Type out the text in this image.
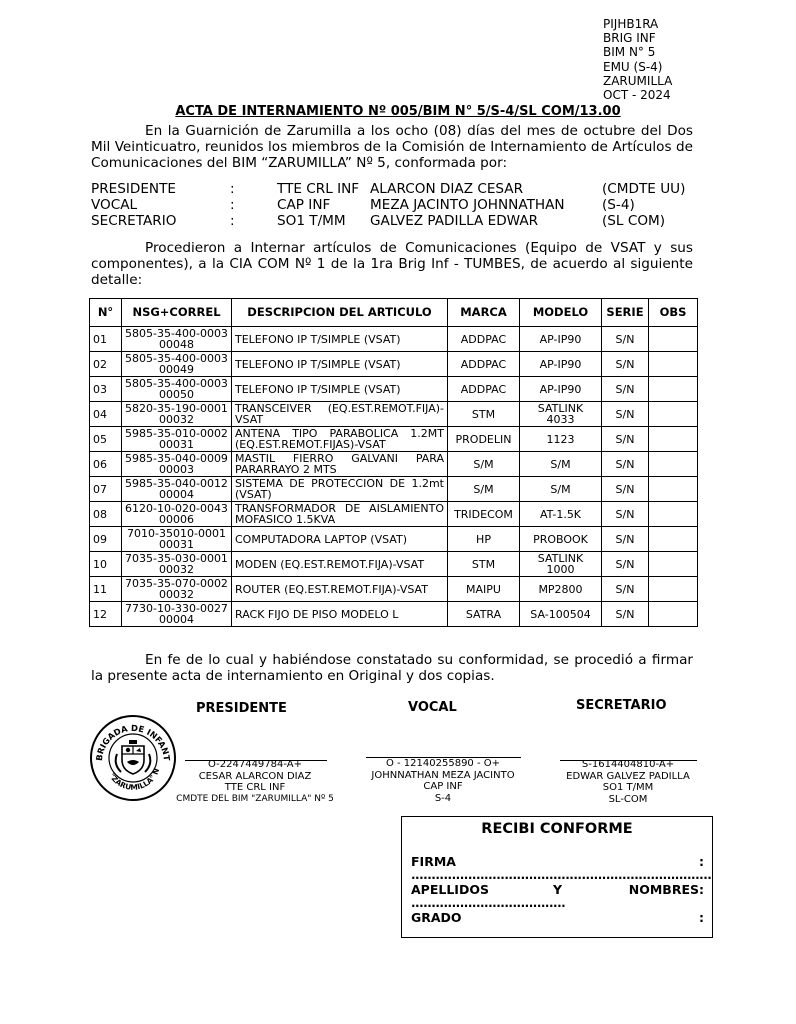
PIJHB1RA
BRIG INF
BIM N° 5
EMU (S-4)
ZARUMILLA
OCT - 2024
ACTA DE INTERNAMIENTO Nº 005/BIM N° 5/S-4/SL COM/13.00
En la Guarnición de Zarumilla a los ocho (08) días del mes de octubre del Dos Mil Veinticuatro, reunidos los miembros de la Comisión de Internamiento de Artículos de Comunicaciones del BIM “ZARUMILLA” Nº 5, conformada por:
PRESIDENTE	:	TTE CRL INF ALARCON DIAZ CESAR	(CMDTE UU)
VOCAL	:	CAP INF	MEZA JACINTO JOHNNATHAN	(S-4)
SECRETARIO	:	SO1 T/MM GALVEZ PADILLA EDWAR	(SL COM)
Procedieron a Internar artículos de Comunicaciones (Equipo de VSAT y sus componentes), a la CIA COM Nº 1 de la 1ra Brig Inf - TUMBES, de acuerdo al siguiente detalle:
N°	NSG+CORREL	DESCRIPCION DEL ARTICULO	MARCA	MODELO	SERIE	OBS
01	5805-35-400-0003 00048	TELEFONO IP T/SIMPLE (VSAT)	ADDPAC	AP-IP90	S/N	
02	5805-35-400-0003 00049	TELEFONO IP T/SIMPLE (VSAT)	ADDPAC	AP-IP90	S/N	
03	5805-35-400-0003 00050	TELEFONO IP T/SIMPLE (VSAT)	ADDPAC	AP-IP90	S/N	
04	5820-35-190-0001 00032	TRANSCEIVER (EQ.EST.REMOT.FIJA)-VSAT	STM	SATLINK 4033	S/N	
05	5985-35-010-0002 00031	ANTENA TIPO PARABOLICA 1.2MT (EQ.EST.REMOT.FIJAS)-VSAT	PRODELIN	1123	S/N	
06	5985-35-040-0009 00003	MASTIL FIERRO GALVANI PARA PARARRAYO 2 MTS	S/M	S/M	S/N	
07	5985-35-040-0012 00004	SISTEMA DE PROTECCION DE 1.2mt (VSAT)	S/M	S/M	S/N	
08	6120-10-020-0043 00006	TRANSFORMADOR DE AISLAMIENTO MOFASICO 1.5KVA	TRIDECOM	AT-1.5K	S/N	
09	7010-35010-0001 00031	COMPUTADORA LAPTOP (VSAT)	HP	PROBOOK	S/N	
10	7035-35-030-0001 00032	MODEN (EQ.EST.REMOT.FIJA)-VSAT	STM	SATLINK 1000	S/N	
11	7035-35-070-0002 00032	ROUTER (EQ.EST.REMOT.FIJA)-VSAT	MAIPU	MP2800	S/N	
12	7730-10-330-0027 00004	RACK FIJO DE PISO MODELO L	SATRA	SA-100504	S/N	
En fe de lo cual y habiéndose constatado su conformidad, se procedió a firmar la presente acta de internamiento en Original y dos copias.
PRESIDENTE	VOCAL	SECRETARIO
O-2247449784-A+
CESAR ALARCON DIAZ
TTE CRL INF
CMDTE DEL BIM "ZARUMILLA" Nº 5
O - 12140255890 - O+
JOHNNATHAN MEZA JACINTO
CAP INF
S-4
S-1614404810-A+
EDWAR GALVEZ PADILLA
SO1 T/MM
SL-COM
BRIGADA DE INFANT
"ZARUMILLA" N
RECIBI CONFORME
FIRMA	:
..........................................................................
APELLIDOS	Y	NOMBRES:
......................................
GRADO	:
